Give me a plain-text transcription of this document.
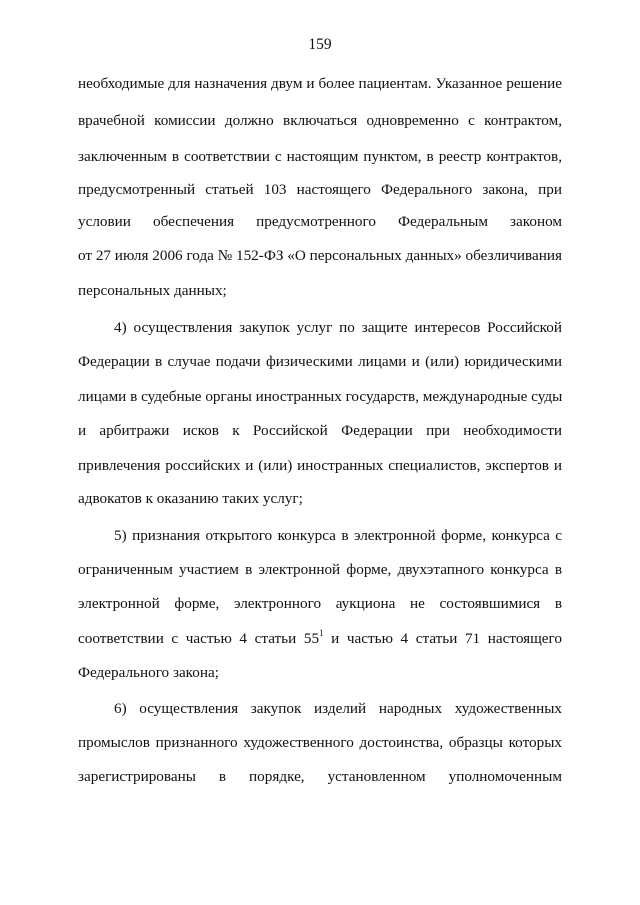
159
необходимые для назначения двум и более пациентам. Указанное решение
врачебной комиссии должно включаться одновременно с контрактом,
заключенным в соответствии с настоящим пунктом, в реестр контрактов,
предусмотренный статьей 103 настоящего Федерального закона, при
условии обеспечения предусмотренного Федеральным законом
от 27 июля 2006 года № 152-ФЗ «О персональных данных» обезличивания
персональных данных;
4) осуществления закупок услуг по защите интересов Российской
Федерации в случае подачи физическими лицами и (или) юридическими
лицами в судебные органы иностранных государств, международные суды
и арбитражи исков к Российской Федерации при необходимости
привлечения российских и (или) иностранных специалистов, экспертов и
адвокатов к оказанию таких услуг;
5) признания открытого конкурса в электронной форме, конкурса с
ограниченным участием в электронной форме, двухэтапного конкурса в
электронной форме, электронного аукциона не состоявшимися в
соответствии с частью 4 статьи 55$^1$ и частью 4 статьи 71 настоящего
Федерального закона;
6) осуществления закупок изделий народных художественных
промыслов признанного художественного достоинства, образцы которых
зарегистрированы в порядке, установленном уполномоченным
